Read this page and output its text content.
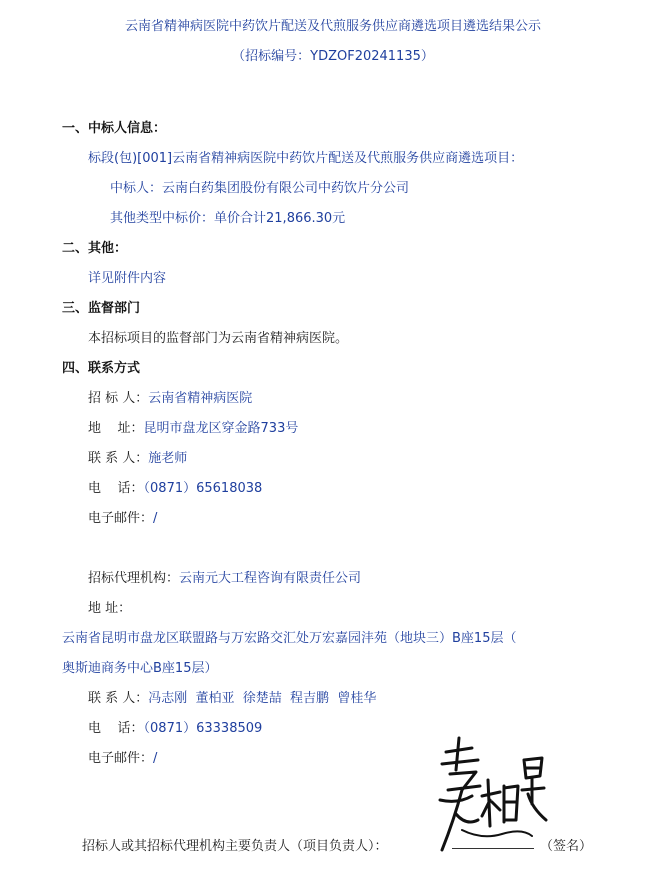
云南省精神病医院中药饮片配送及代煎服务供应商遴选项目遴选结果公示
（招标编号：YDZOF20241135）
一、中标人信息：
标段(包)[001]云南省精神病医院中药饮片配送及代煎服务供应商遴选项目：
中标人：云南白药集团股份有限公司中药饮片分公司
其他类型中标价：单价合计21,866.30元
二、其他：
详见附件内容
三、监督部门
本招标项目的监督部门为云南省精神病医院。
四、联系方式
招 标 人：云南省精神病医院
地    址：昆明市盘龙区穿金路733号
联 系 人：施老师
电    话：（0871）65618038
电子邮件：/
招标代理机构：云南元大工程咨询有限责任公司
地 址：
云南省昆明市盘龙区联盟路与万宏路交汇处万宏嘉园沣苑（地块三）B座15层（
奥斯迪商务中心B座15层）
联 系 人：冯志刚  董柏亚  徐楚喆  程吉鹏  曾桂华
电    话：（0871）63338509
电子邮件：/
招标人或其招标代理机构主要负责人（项目负责人）：	（签名）
